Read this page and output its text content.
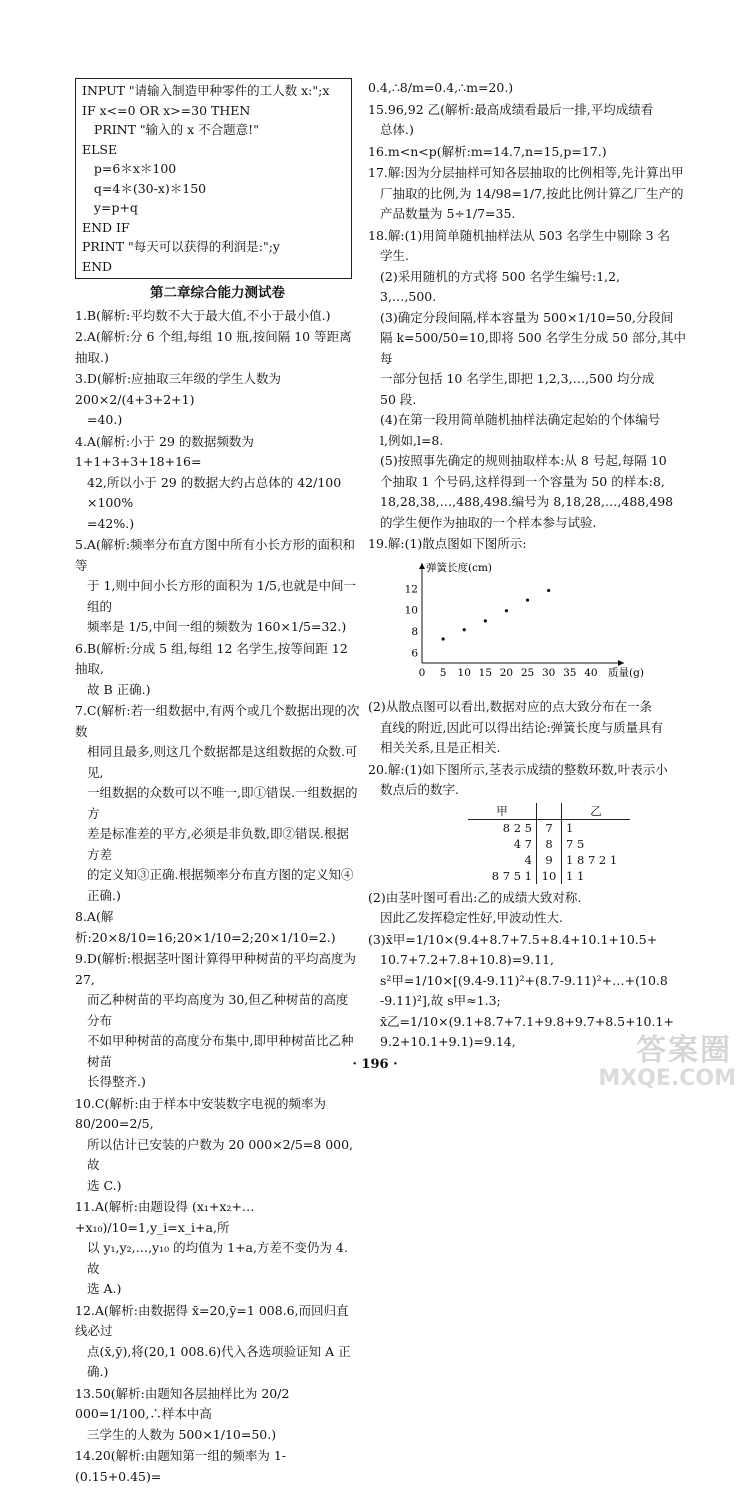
INPUT "请输入制造甲种零件的工人数 x:";x
IF x<=0 OR x>=30 THEN
PRINT "输入的 x 不合题意!"
ELSE
p=6＊x＊100
q=4＊(30-x)＊150
y=p+q
END IF
PRINT "每天可以获得的利润是:";y
END
第二章综合能力测试卷
1.B(解析:平均数不大于最大值,不小于最小值.)
2.A(解析:分 6 个组,每组 10 瓶,按间隔 10 等距离抽取.)
3.D(解析:应抽取三年级的学生人数为 200×2/(4+3+2+1)
=40.)
4.A(解析:小于 29 的数据频数为 1+1+3+3+18+16=
42,所以小于 29 的数据大约占总体的 42/100 ×100%
=42%.)
5.A(解析:频率分布直方图中所有小长方形的面积和等
于 1,则中间小长方形的面积为 1/5,也就是中间一组的
频率是 1/5,中间一组的频数为 160×1/5=32.)
6.B(解析:分成 5 组,每组 12 名学生,按等间距 12 抽取,
故 B 正确.)
7.C(解析:若一组数据中,有两个或几个数据出现的次数
相同且最多,则这几个数据都是这组数据的众数.可见,
一组数据的众数可以不唯一,即①错误.一组数据的方
差是标准差的平方,必须是非负数,即②错误.根据方差
的定义知③正确.根据频率分布直方图的定义知④
正确.)
8.A(解析:20×8/10=16;20×1/10=2;20×1/10=2.)
9.D(解析:根据茎叶图计算得甲种树苗的平均高度为 27,
而乙种树苗的平均高度为 30,但乙种树苗的高度分布
不如甲种树苗的高度分布集中,即甲种树苗比乙种树苗
长得整齐.)
10.C(解析:由于样本中安装数字电视的频率为 80/200=2/5,
所以估计已安装的户数为 20 000×2/5=8 000,故
选 C.)
11.A(解析:由题设得 (x₁+x₂+…+x₁₀)/10=1,y_i=x_i+a,所
以 y₁,y₂,…,y₁₀ 的均值为 1+a,方差不变仍为 4.故
选 A.)
12.A(解析:由数据得 x̄=20,ȳ=1 008.6,而回归直线必过
点(x̄,ȳ),将(20,1 008.6)代入各选项验证知 A 正确.)
13.50(解析:由题知各层抽样比为 20/2 000=1/100,∴样本中高
三学生的人数为 500×1/10=50.)
14.20(解析:由题知第一组的频率为 1-(0.15+0.45)=
0.4,∴8/m=0.4,∴m=20.)
15.96,92 乙(解析:最高成绩看最后一排,平均成绩看
总体.)
16.m<n<p(解析:m=14.7,n=15,p=17.)
17.解:因为分层抽样可知各层抽取的比例相等,先计算出甲
厂抽取的比例,为 14/98=1/7,按此比例计算乙厂生产的
产品数量为 5÷1/7=35.
18.解:(1)用简单随机抽样法从 503 名学生中剔除 3 名
学生.
(2)采用随机的方式将 500 名学生编号:1,2,
3,…,500.
(3)确定分段间隔,样本容量为 500×1/10=50,分段间
隔 k=500/50=10,即将 500 名学生分成 50 部分,其中每
一部分包括 10 名学生,即把 1,2,3,…,500 均分成
50 段.
(4)在第一段用简单随机抽样法确定起始的个体编号
l,例如,l=8.
(5)按照事先确定的规则抽取样本:从 8 号起,每隔 10
个抽取 1 个号码,这样得到一个容量为 50 的样本:8,
18,28,38,…,488,498.编号为 8,18,28,…,488,498
的学生便作为抽取的一个样本参与试验.
19.解:(1)散点图如下图所示:
0 5 10 15 20 25 30 35 40 质量(g)
6
8
10
12
弹簧长度(cm)
(2)从散点图可以看出,数据对应的点大致分布在一条
直线的附近,因此可以得出结论:弹簧长度与质量具有
相关关系,且是正相关.
20.解:(1)如下图所示,茎表示成绩的整数环数,叶表示小
数点后的数字.
甲		乙
8 2 5	7	1
4 7	8	7 5
4	9	1 8 7 2 1
8 7 5 1	10	1 1
(2)由茎叶图可看出:乙的成绩大致对称.
因此乙发挥稳定性好,甲波动性大.
(3)x̄甲=1/10×(9.4+8.7+7.5+8.4+10.1+10.5+
10.7+7.2+7.8+10.8)=9.11,
s²甲=1/10×[(9.4-9.11)²+(8.7-9.11)²+…+(10.8
-9.11)²],故 s甲≈1.3;
x̄乙=1/10×(9.1+8.7+7.1+9.8+9.7+8.5+10.1+
9.2+10.1+9.1)=9.14,
· 196 ·	答案圈
MXQE.COM
